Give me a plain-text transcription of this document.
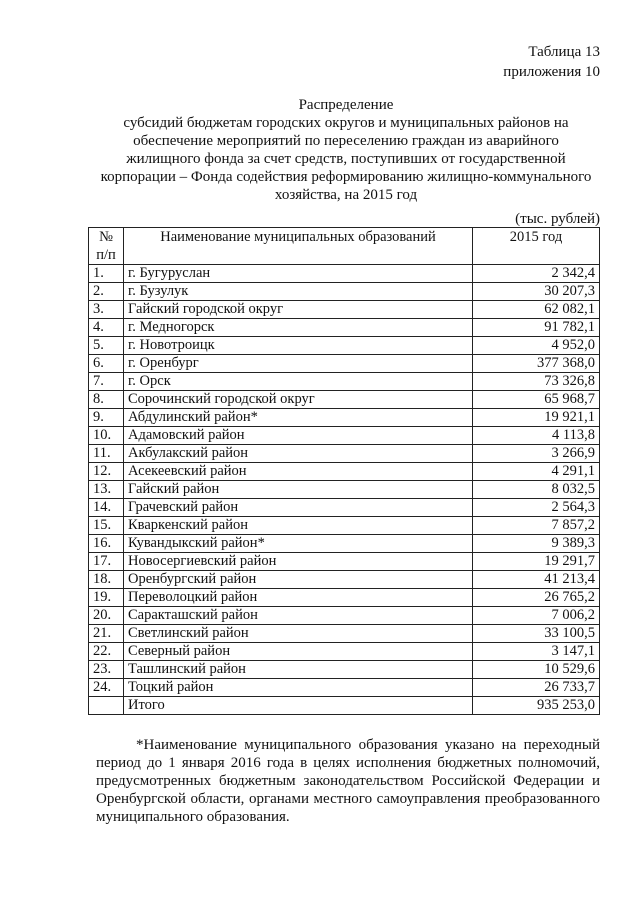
Таблица 13
приложения 10
Распределение
субсидий бюджетам городских округов и муниципальных районов на
обеспечение мероприятий по переселению граждан из аварийного
жилищного фонда за счет средств, поступивших от государственной
корпорации – Фонда содействия реформированию жилищно-коммунального
хозяйства, на 2015 год
(тыс. рублей)
№
п/п	Наименование муниципальных образований	2015 год
1.	г. Бугуруслан	2 342,4
2.	г. Бузулук	30 207,3
3.	Гайский городской округ	62 082,1
4.	г. Медногорск	91 782,1
5.	г. Новотроицк	4 952,0
6.	г. Оренбург	377 368,0
7.	г. Орск	73 326,8
8.	Сорочинский городской округ	65 968,7
9.	Абдулинский район*	19 921,1
10.	Адамовский район	4 113,8
11.	Акбулакский район	3 266,9
12.	Асекеевский район	4 291,1
13.	Гайский район	8 032,5
14.	Грачевский район	2 564,3
15.	Кваркенский район	7 857,2
16.	Кувандыкский район*	9 389,3
17.	Новосергиевский район	19 291,7
18.	Оренбургский район	41 213,4
19.	Переволоцкий район	26 765,2
20.	Саракташский район	7 006,2
21.	Светлинский район	33 100,5
22.	Северный район	3 147,1
23.	Ташлинский район	10 529,6
24.	Тоцкий район	26 733,7
	Итого	935 253,0
*Наименование муниципального образования указано на переходный период до 1 января 2016 года в целях исполнения бюджетных полномочий, предусмотренных бюджетным законодательством Российской Федерации и Оренбургской области, органами местного самоуправления преобразованного муниципального образования.
